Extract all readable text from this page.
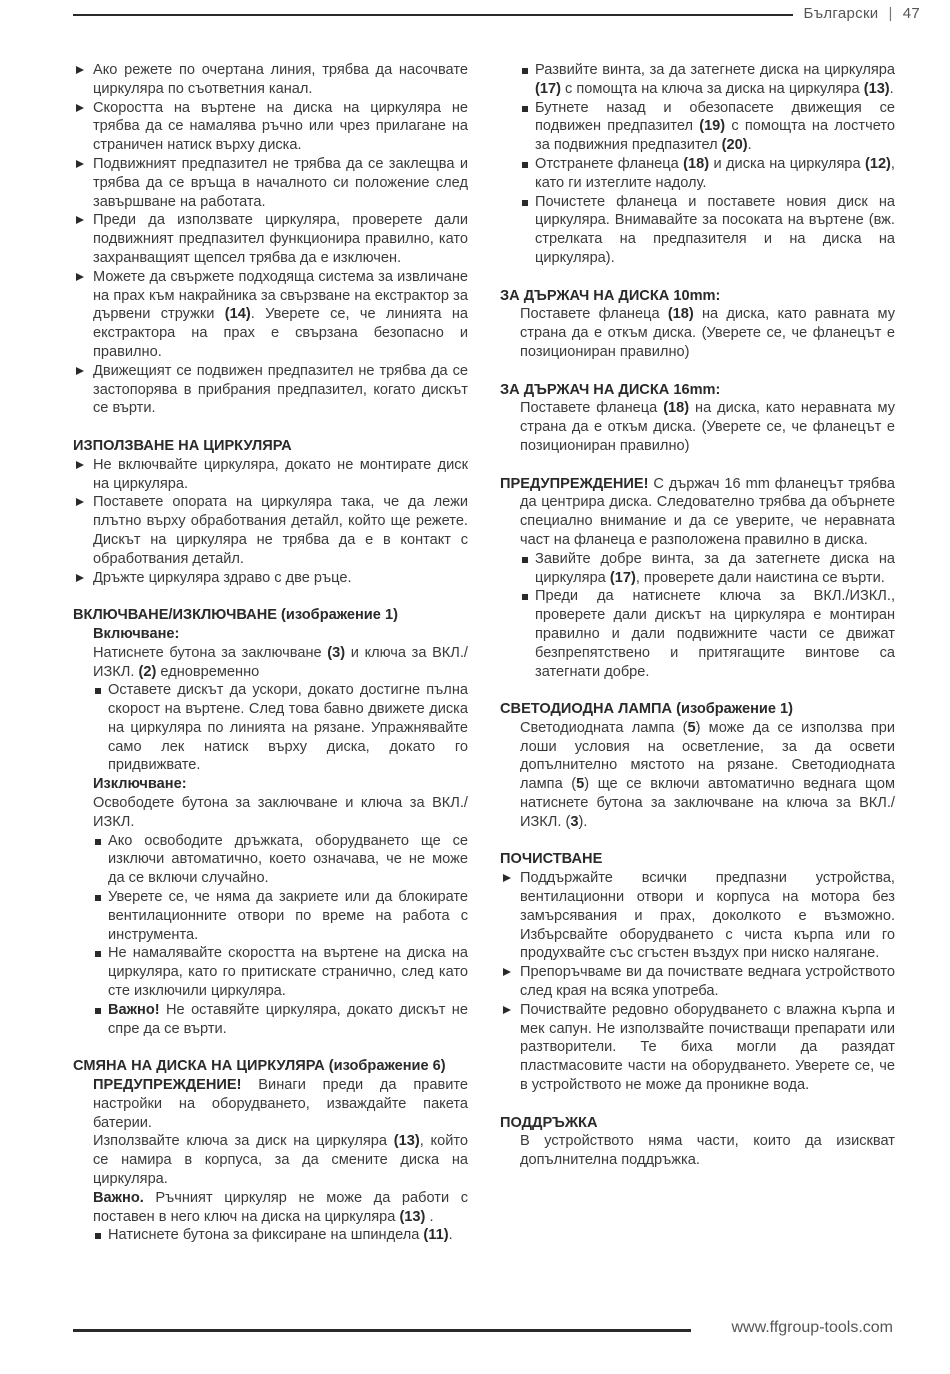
Български | 47
Ако режете по очертана линия, трябва да насочвате циркуляра по съответния канал.
Скоростта на въртене на диска на циркуляра не трябва да се намалява ръчно или чрез прилагане на страничен натиск върху диска.
Подвижният предпазител не трябва да се заклещва и трябва да се връща в началното си положение след завършване на работата.
Преди да използвате циркуляра, проверете дали подвижният предпазител функционира правилно, като захранващият щепсел трябва да е изключен.
Можете да свържете подходяща система за извличане на прах към накрайника за свързване на екстрактор за дървени стружки (14). Уверете се, че линията на екстрактора на прах е свързана безопасно и правилно.
Движещият се подвижен предпазител не трябва да се застопорява в прибрания предпазител, когато дискът се върти.
ИЗПОЛЗВАНЕ НА ЦИРКУЛЯРА
Не включвайте циркуляра, докато не монтирате диск на циркуляра.
Поставете опората на циркуляра така, че да лежи плътно върху обработвания детайл, който ще режете. Дискът на циркуляра не трябва да е в контакт с обработвания детайл.
Дръжте циркуляра здраво с две ръце.
ВКЛЮЧВАНЕ/ИЗКЛЮЧВАНЕ (изображение 1)
Включване:

Натиснете бутона за заключване (3) и ключа за ВКЛ./ИЗКЛ. (2) едновременно

Оставете дискът да ускори, докато достигне пълна скорост на въртене. След това бавно движете диска на циркуляра по линията на рязане. Упражнявайте само лек натиск върху диска, докато го придвижвате.
Изключване:

Освободете бутона за заключване и ключа за ВКЛ./ИЗКЛ.

Ако освободите дръжката, оборудването ще се изключи автоматично, което означава, че не може да се включи случайно.
Уверете се, че няма да закриете или да блокирате вентилационните отвори по време на работа с инструмента.
Не намалявайте скоростта на въртене на диска на циркуляра, като го притискате странично, след като сте изключили циркуляра.
Важно! Не оставяйте циркуляра, докато дискът не спре да се върти.
СМЯНА НА ДИСКА НА ЦИРКУЛЯРА (изображение 6)

ПРЕДУПРЕЖДЕНИЕ! Винаги преди да правите настройки на оборудването, изваждайте пакета батерии.

Използвайте ключа за диск на циркуляра (13), който се намира в корпуса, за да смените диска на циркуляра.

Важно. Ръчният циркуляр не може да работи с поставен в него ключ на диска на циркуляра (13) .

Натиснете бутона за фиксиране на шпиндела (11).
Развийте винта, за да затегнете диска на циркуляра (17) с помощта на ключа за диска на циркуляра (13).
Бутнете назад и обезопасете движещия се подвижен предпазител (19) с помощта на лостчето за подвижния предпазител (20).
Отстранете фланеца (18) и диска на циркуляра (12), като ги изтеглите надолу.
Почистете фланеца и поставете новия диск на циркуляра. Внимавайте за посоката на въртене (вж. стрелката на предпазителя и на диска на циркуляра).
ЗА ДЪРЖАЧ НА ДИСКА 10mm:

Поставете фланеца (18) на диска, като равната му страна да е откъм диска. (Уверете се, че фланецът е позициониран правилно)

ЗА ДЪРЖАЧ НА ДИСКА 16mm:

Поставете фланеца (18) на диска, като неравната му страна да е откъм диска. (Уверете се, че фланецът е позициониран правилно)

ПРЕДУПРЕЖДЕНИЕ! С държач 16 mm фланецът трябва да центрира диска. Следователно трябва да обърнете специално внимание и да се уверите, че неравната част на фланеца е разположена правилно в диска.

Завийте добре винта, за да затегнете диска на циркуляра (17), проверете дали наистина се върти.
Преди да натиснете ключа за ВКЛ./ИЗКЛ., проверете дали дискът на циркуляра е монтиран правилно и дали подвижните части се движат безпрепятствено и притягащите винтове са затегнати добре.
СВЕТОДИОДНА ЛАМПА (изображение 1)

Светодиодната лампа (5) може да се използва при лоши условия на осветление, за да освети допълнително мястото на рязане. Светодиодната лампа (5) ще се включи автоматично веднага щом натиснете бутона за заключване на ключа за ВКЛ./ИЗКЛ. (3).

ПОЧИСТВАНЕ
Поддържайте всички предпазни устройства, вентилационни отвори и корпуса на мотора без замърсявания и прах, доколкото е възможно. Избърсвайте оборудването с чиста кърпа или го продухвайте със сгъстен въздух при ниско налягане.
Препоръчваме ви да почиствате веднага устройството след края на всяка употреба.
Почиствайте редовно оборудването с влажна кърпа и мек сапун. Не използвайте почистващи препарати или разтворители. Те биха могли да разядат пластмасовите части на оборудването. Уверете се, че в устройството не може да проникне вода.
ПОДДРЪЖКА

В устройството няма части, които да изискват допълнителна поддръжка.

www.ffgroup-tools.com
